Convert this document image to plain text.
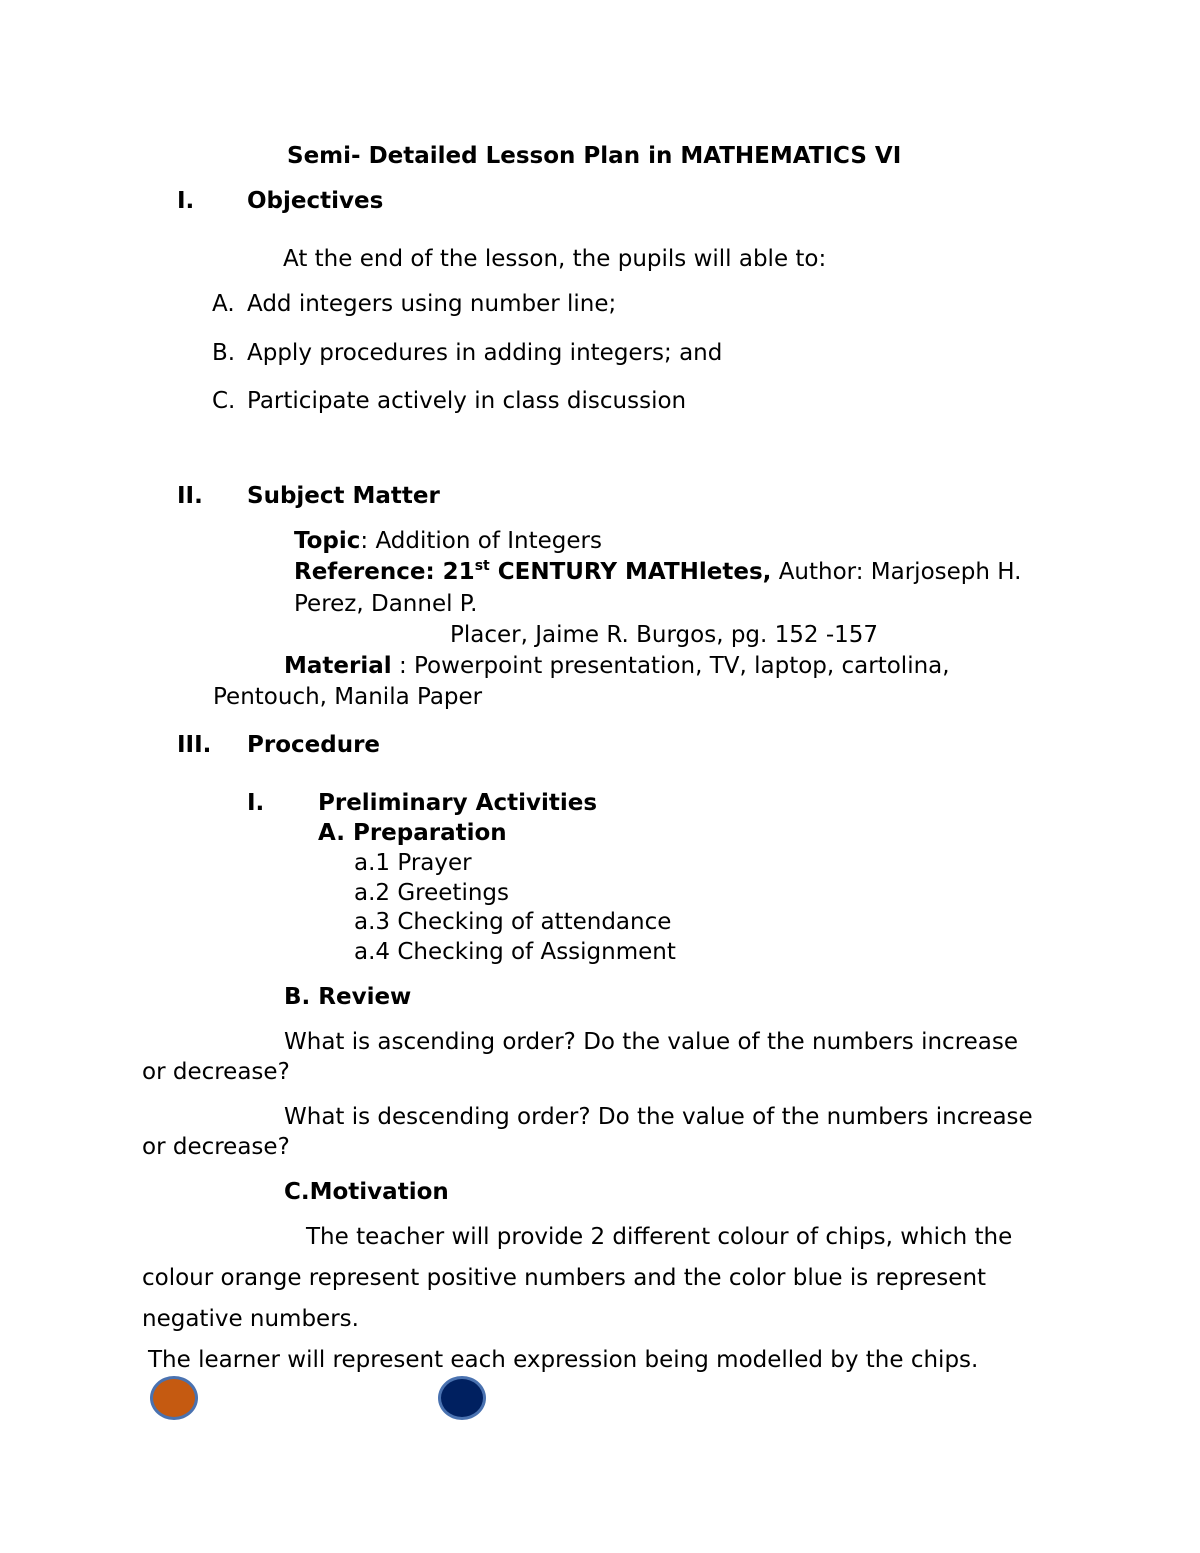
Semi- Detailed Lesson Plan in MATHEMATICS VI
I. Objectives
At the end of the lesson, the pupils will able to:
A. Add integers using number line;
B. Apply procedures in adding integers; and
C. Participate actively in class discussion
II. Subject Matter
Topic: Addition of Integers
Reference: 21st CENTURY MATHletes, Author: Marjoseph H.
Perez, Dannel P.
Placer, Jaime R. Burgos, pg. 152 -157
Material : Powerpoint presentation, TV, laptop, cartolina,
Pentouch, Manila Paper
III. Procedure
I. Preliminary Activities
A. Preparation
a.1 Prayer
a.2 Greetings
a.3 Checking of attendance
a.4 Checking of Assignment
B. Review
What is ascending order? Do the value of the numbers increase
or decrease?
What is descending order? Do the value of the numbers increase
or decrease?
C.Motivation
The teacher will provide 2 different colour of chips, which the
colour orange represent positive numbers and the color blue is represent
negative numbers.
The learner will represent each expression being modelled by the chips.
